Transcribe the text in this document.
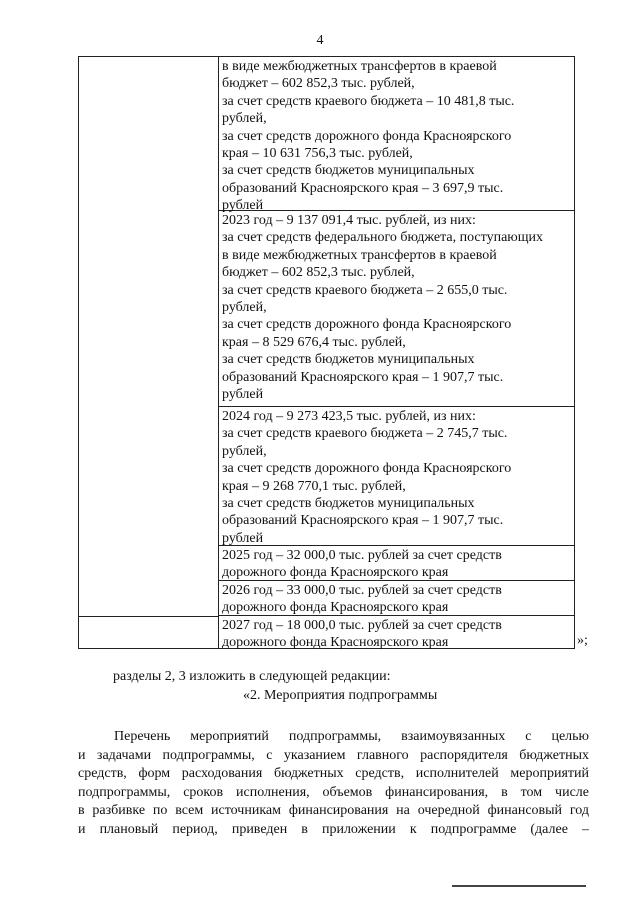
4
в виде межбюджетных трансфертов в краевой
бюджет – 602 852,3 тыс. рублей,
за счет средств краевого бюджета – 10 481,8 тыс.
рублей,
за счет средств дорожного фонда Красноярского
края – 10 631 756,3 тыс. рублей,
за счет средств бюджетов муниципальных
образований Красноярского края – 3 697,9 тыс.
рублей
2023 год – 9 137 091,4 тыс. рублей, из них:
за счет средств федерального бюджета, поступающих
в виде межбюджетных трансфертов в краевой
бюджет – 602 852,3 тыс. рублей,
за счет средств краевого бюджета – 2 655,0 тыс.
рублей,
за счет средств дорожного фонда Красноярского
края – 8 529 676,4 тыс. рублей,
за счет средств бюджетов муниципальных
образований Красноярского края – 1 907,7 тыс.
рублей
2024 год – 9 273 423,5 тыс. рублей, из них:
за счет средств краевого бюджета – 2 745,7 тыс.
рублей,
за счет средств дорожного фонда Красноярского
края – 9 268 770,1 тыс. рублей,
за счет средств бюджетов муниципальных
образований Красноярского края – 1 907,7 тыс.
рублей
2025 год – 32 000,0 тыс. рублей за счет средств
дорожного фонда Красноярского края
2026 год – 33 000,0 тыс. рублей за счет средств
дорожного фонда Красноярского края
2027 год – 18 000,0 тыс. рублей за счет средств
дорожного фонда Красноярского края	»;
разделы 2, 3 изложить в следующей редакции:
«2. Мероприятия подпрограммы
Перечень мероприятий подпрограммы, взаимоувязанных с целью
и задачами подпрограммы, с указанием главного распорядителя бюджетных
средств, форм расходования бюджетных средств, исполнителей мероприятий
подпрограммы, сроков исполнения, объемов финансирования, в том числе
в разбивке по всем источникам финансирования на очередной финансовый год
и плановый период, приведен в приложении к подпрограмме (далее –
